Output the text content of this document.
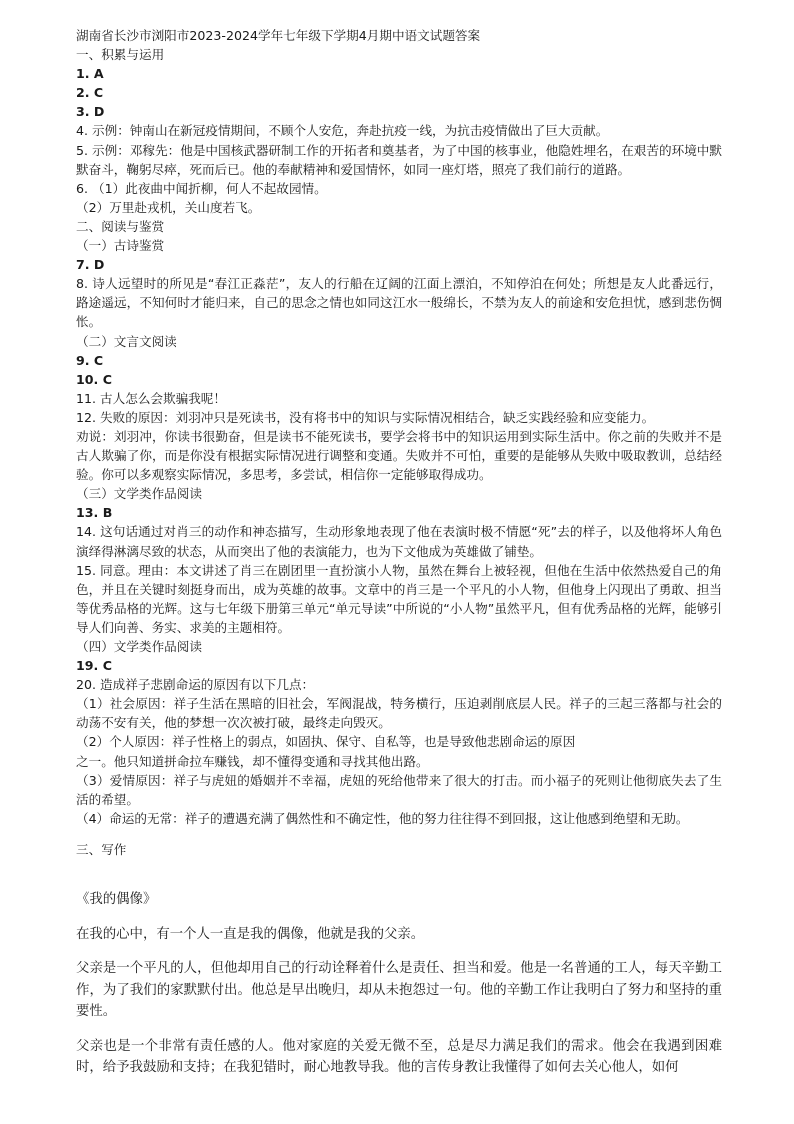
湖南省长沙市浏阳市2023-2024学年七年级下学期4月期中语文试题答案
一、积累与运用
1. A
2. C
3. D
4. 示例：钟南山在新冠疫情期间，不顾个人安危，奔赴抗疫一线，为抗击疫情做出了巨大贡献。
5. 示例：邓稼先：他是中国核武器研制工作的开拓者和奠基者，为了中国的核事业，他隐姓埋名，在艰苦的环境中默默奋斗，鞠躬尽瘁，死而后已。他的奉献精神和爱国情怀，如同一座灯塔，照亮了我们前行的道路。
6. （1）此夜曲中闻折柳，何人不起故园情。
（2）万里赴戎机，关山度若飞。
二、阅读与鉴赏
（一）古诗鉴赏
7. D
8. 诗人远望时的所见是“春江正淼茫”，友人的行船在辽阔的江面上漂泊，不知停泊在何处；所想是友人此番远行，路途遥远，不知何时才能归来，自己的思念之情也如同这江水一般绵长，不禁为友人的前途和安危担忧，感到悲伤惆怅。
（二）文言文阅读
9. C
10. C
11. 古人怎么会欺骗我呢！
12. 失败的原因：刘羽冲只是死读书，没有将书中的知识与实际情况相结合，缺乏实践经验和应变能力。
劝说：刘羽冲，你读书很勤奋，但是读书不能死读书，要学会将书中的知识运用到实际生活中。你之前的失败并不是古人欺骗了你，而是你没有根据实际情况进行调整和变通。失败并不可怕，重要的是能够从失败中吸取教训，总结经验。你可以多观察实际情况，多思考，多尝试，相信你一定能够取得成功。
（三）文学类作品阅读
13. B
14. 这句话通过对肖三的动作和神态描写，生动形象地表现了他在表演时极不情愿“死”去的样子，以及他将坏人角色演绎得淋漓尽致的状态，从而突出了他的表演能力，也为下文他成为英雄做了铺垫。
15. 同意。理由：本文讲述了肖三在剧团里一直扮演小人物，虽然在舞台上被轻视，但他在生活中依然热爱自己的角色，并且在关键时刻挺身而出，成为英雄的故事。文章中的肖三是一个平凡的小人物，但他身上闪现出了勇敢、担当等优秀品格的光辉。这与七年级下册第三单元“单元导读”中所说的“小人物”虽然平凡，但有优秀品格的光辉，能够引导人们向善、务实、求美的主题相符。
（四）文学类作品阅读
19. C
20. 造成祥子悲剧命运的原因有以下几点：
（1）社会原因：祥子生活在黑暗的旧社会，军阀混战，特务横行，压迫剥削底层人民。祥子的三起三落都与社会的动荡不安有关，他的梦想一次次被打破，最终走向毁灭。
（2）个人原因：祥子性格上的弱点，如固执、保守、自私等，也是导致他悲剧命运的原因
之一。他只知道拼命拉车赚钱，却不懂得变通和寻找其他出路。
（3）爱情原因：祥子与虎妞的婚姻并不幸福，虎妞的死给他带来了很大的打击。而小福子的死则让他彻底失去了生活的希望。
（4）命运的无常：祥子的遭遇充满了偶然性和不确定性，他的努力往往得不到回报，这让他感到绝望和无助。
三、写作
《我的偶像》
在我的心中，有一个人一直是我的偶像，他就是我的父亲。
父亲是一个平凡的人，但他却用自己的行动诠释着什么是责任、担当和爱。他是一名普通的工人，每天辛勤工作，为了我们的家默默付出。他总是早出晚归，却从未抱怨过一句。他的辛勤工作让我明白了努力和坚持的重要性。
父亲也是一个非常有责任感的人。他对家庭的关爱无微不至，总是尽力满足我们的需求。他会在我遇到困难时，给予我鼓励和支持；在我犯错时，耐心地教导我。他的言传身教让我懂得了如何去关心他人，如何
